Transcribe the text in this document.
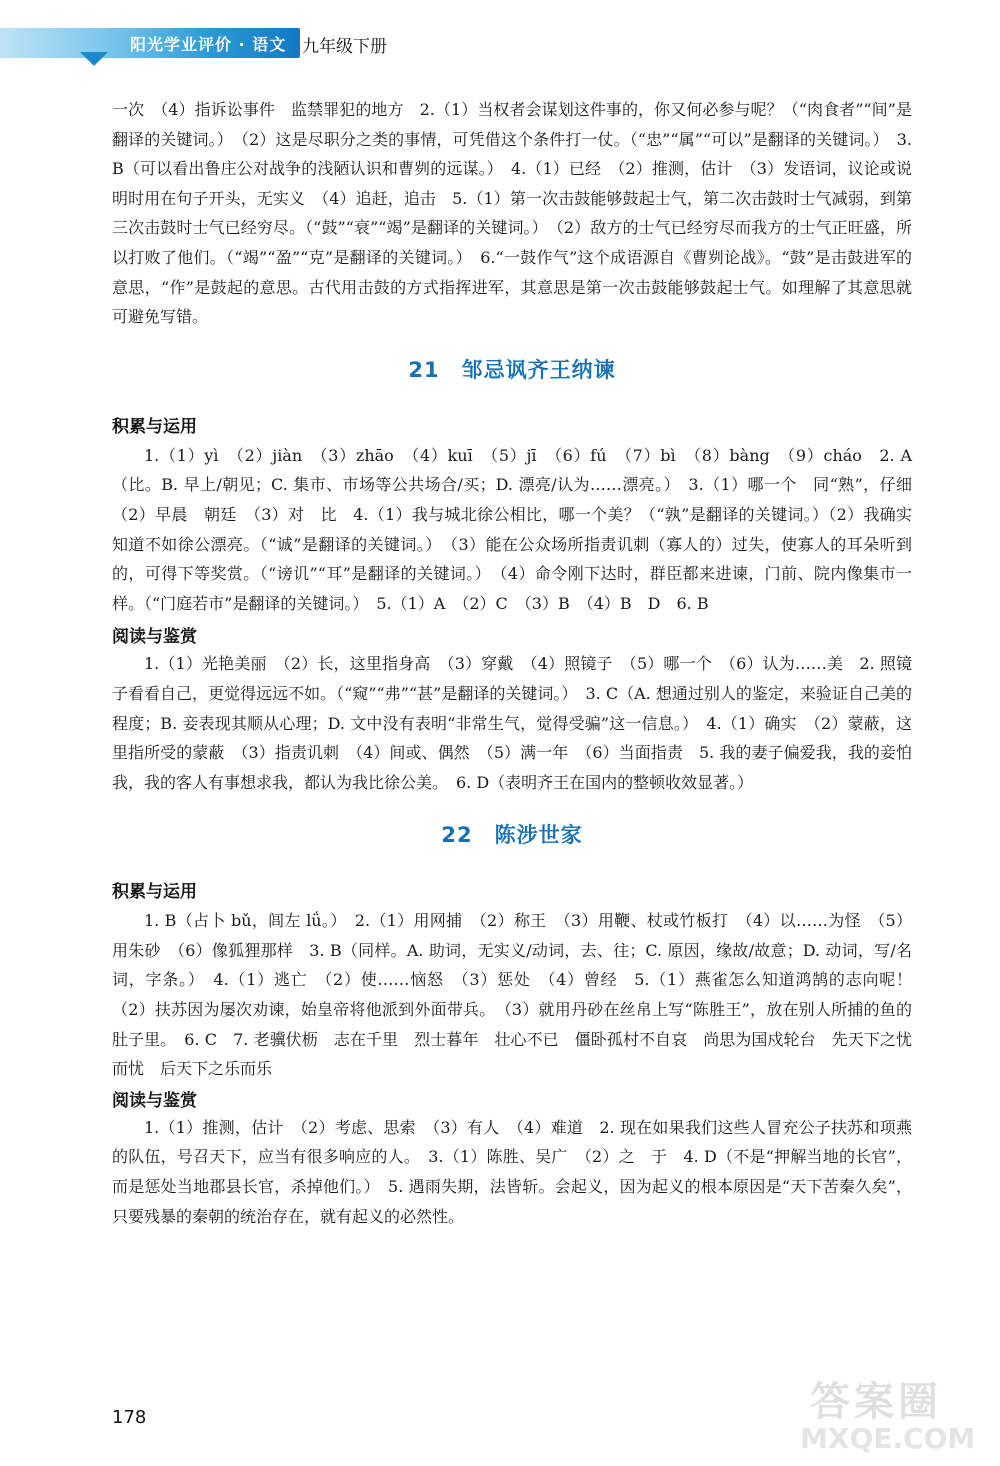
阳光学业评价 · 语文 九年级下册

一次　（4）指诉讼事件　监禁罪犯的地方　2.（1）当权者会谋划这件事的，你又何必参与呢？（“肉食者”“间”是翻译的关键词。）　（2）这是尽职分之类的事情，可凭借这个条件打一仗。（“忠”“属”“可以”是翻译的关键词。）　3. B（可以看出鲁庄公对战争的浅陋认识和曹刿的远谋。）　4.（1）已经　（2）推测，估计　（3）发语词，议论或说明时用在句子开头，无实义　（4）追赶，追击　5.（1）第一次击鼓能够鼓起士气，第二次击鼓时士气减弱，到第三次击鼓时士气已经穷尽。（“鼓”“衰”“竭”是翻译的关键词。）　（2）敌方的士气已经穷尽而我方的士气正旺盛，所以打败了他们。（“竭”“盈”“克”是翻译的关键词。）　6.“一鼓作气”这个成语源自《曹刿论战》。“鼓”是击鼓进军的意思，“作”是鼓起的意思。古代用击鼓的方式指挥进军，其意思是第一次击鼓能够鼓起士气。如理解了其意思就可避免写错。

21 邹忌讽齐王纳谏
积累与运用

1.（1）yì　（2）jiàn　（3）zhāo　（4）kuī　（5）jī　（6）fú　（7）bì　（8）bàng　（9）cháo　2. A（比。B. 早上/朝见；C. 集市、市场等公共场合/买；D. 漂亮/认为……漂亮。）　3.（1）哪一个　同“熟”，仔细　（2）早晨　朝廷　（3）对　比　4.（1）我与城北徐公相比，哪一个美？（“孰”是翻译的关键词。）（2）我确实知道不如徐公漂亮。（“诚”是翻译的关键词。）　（3）能在公众场所指责讥刺（寡人的）过失，使寡人的耳朵听到的，可得下等奖赏。（“谤讥”“耳”是翻译的关键词。）　（4）命令刚下达时，群臣都来进谏，门前、院内像集市一样。（“门庭若市”是翻译的关键词。）　5.（1）A　（2）C　（3）B　（4）B　D　6. B

阅读与鉴赏

1.（1）光艳美丽　（2）长，这里指身高　（3）穿戴　（4）照镜子　（5）哪一个　（6）认为……美　2. 照镜子看看自己，更觉得远远不如。（“窥”“弗”“甚”是翻译的关键词。）　3. C（A. 想通过别人的鉴定，来验证自己美的程度；B. 妾表现其顺从心理；D. 文中没有表明“非常生气，觉得受骗”这一信息。）　4.（1）确实　（2）蒙蔽，这里指所受的蒙蔽　（3）指责讥刺　（4）间或、偶然　（5）满一年　（6）当面指责　5. 我的妻子偏爱我，我的妾怕我，我的客人有事想求我，都认为我比徐公美。　6. D（表明齐王在国内的整顿收效显著。）

22 陈涉世家
积累与运用

1. B（占卜 bǔ，闾左 lǘ。）　2.（1）用网捕　（2）称王　（3）用鞭、杖或竹板打　（4）以……为怪　（5）用朱砂　（6）像狐狸那样　3. B（同样。A. 助词，无实义/动词，去、往；C. 原因，缘故/故意；D. 动词，写/名词，字条。）　4.（1）逃亡　（2）使……恼怒　（3）惩处　（4）曾经　5.（1）燕雀怎么知道鸿鹄的志向呢！　（2）扶苏因为屡次劝谏，始皇帝将他派到外面带兵。　（3）就用丹砂在丝帛上写“陈胜王”，放在别人所捕的鱼的肚子里。　6. C　7. 老骥伏枥　志在千里　烈士暮年　壮心不已　僵卧孤村不自哀　尚思为国戍轮台　先天下之忧而忧　后天下之乐而乐

阅读与鉴赏

1.（1）推测，估计　（2）考虑、思索　（3）有人　（4）难道　2. 现在如果我们这些人冒充公子扶苏和项燕的队伍，号召天下，应当有很多响应的人。　3.（1）陈胜、吴广　（2）之　于　4. D（不是“押解当地的长官”，而是惩处当地郡县长官，杀掉他们。）　5. 遇雨失期，法皆斩。会起义，因为起义的根本原因是“天下苦秦久矣”，只要残暴的秦朝的统治存在，就有起义的必然性。

178	答案圈
MXQE.COM
